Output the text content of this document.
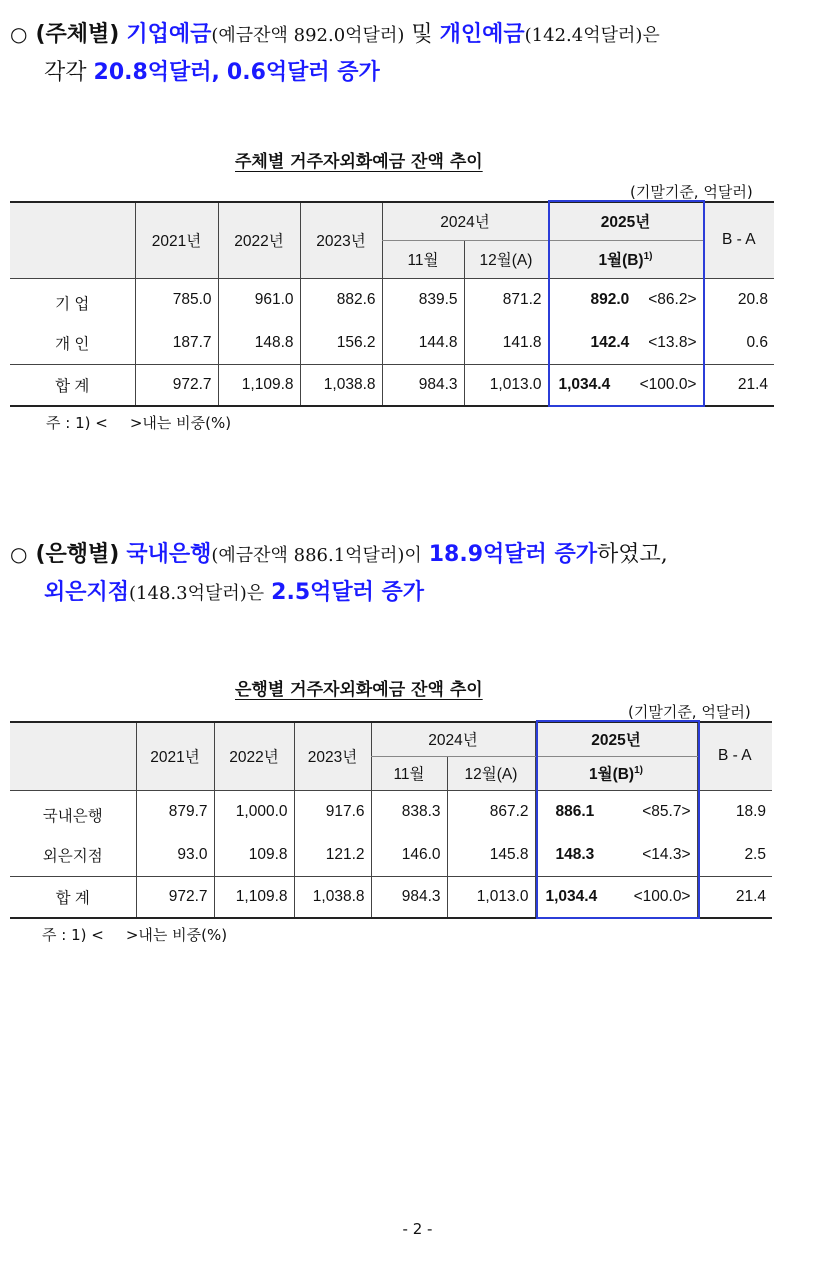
○ (주체별) 기업예금(예금잔액 892.0억달러) 및 개인예금(142.4억달러)은
각각 20.8억달러, 0.6억달러 증가
주체별 거주자외화예금 잔액 추이
(기말기준, 억달러)
	2021년	2022년	2023년	2024년		2025년	B - A
				11월	12월(A)	1월$(B)^{1)}$
기 업	785.0	961.0	882.6	839.5	871.2	892.0 <86.2>	20.8
개 인	187.7	148.8	156.2	144.8	141.8	142.4 <13.8>	0.6
합 계	972.7	1,109.8	1,038.8	984.3	1,013.0	1,034.4 <100.0>	21.4
주 : 1) < >내는 비중(%)
○ (은행별) 국내은행(예금잔액 886.1억달러)이 18.9억달러 증가하였고,
외은지점(148.3억달러)은 2.5억달러 증가
은행별 거주자외화예금 잔액 추이
(기말기준, 억달러)
	2021년	2022년	2023년	2024년		2025년	B - A
				11월	12월(A)	1월$(B)^{1)}$
국내은행	879.7	1,000.0	917.6	838.3	867.2	886.1 <85.7>	18.9
외은지점	93.0	109.8	121.2	146.0	145.8	148.3 <14.3>	2.5
합 계	972.7	1,109.8	1,038.8	984.3	1,013.0	1,034.4 <100.0>	21.4
주 : 1) < >내는 비중(%)
- 2 -
